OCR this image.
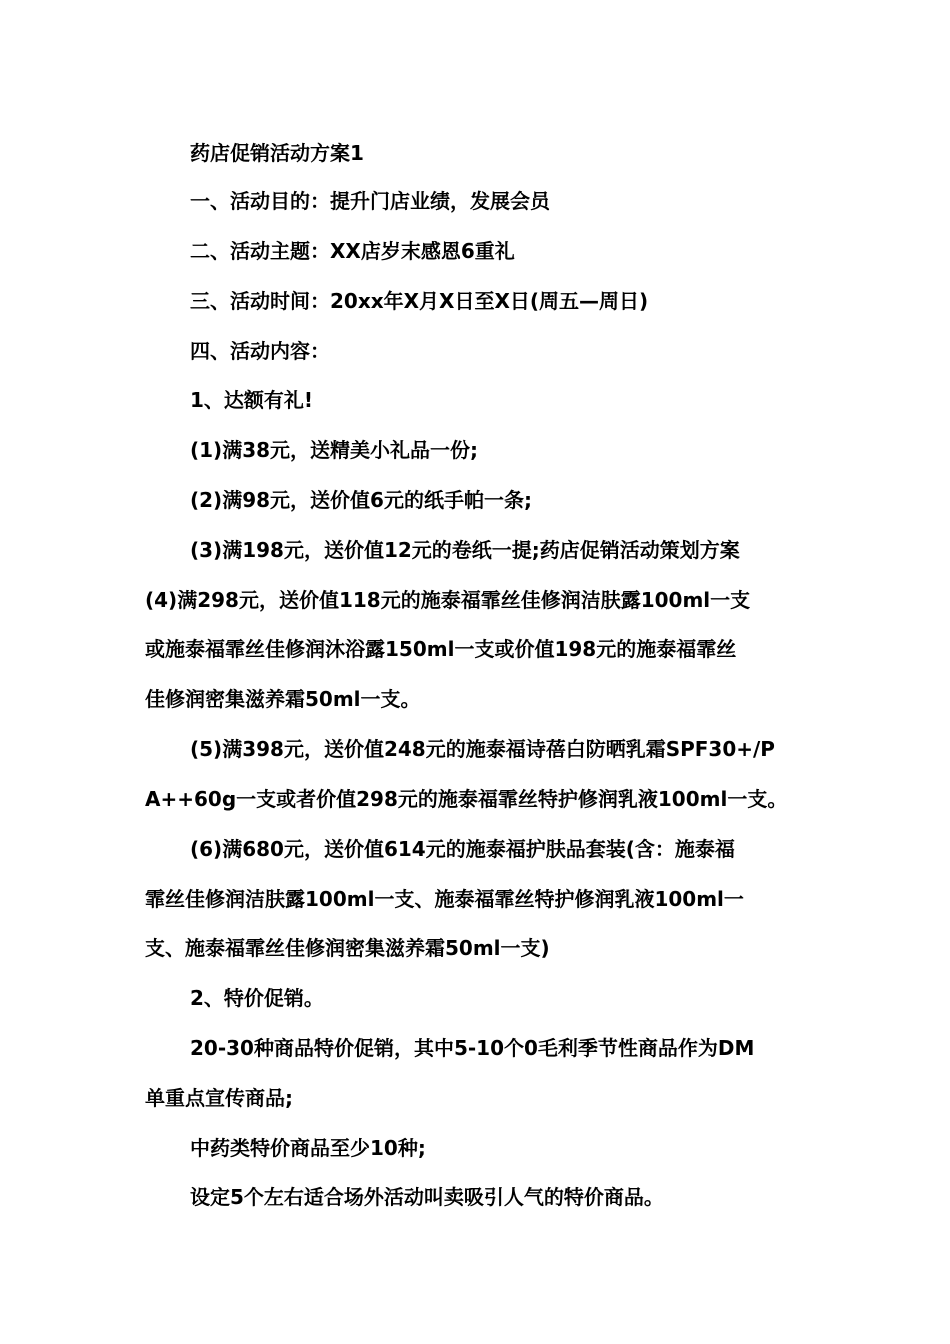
药店促销活动方案1
一、活动目的：提升门店业绩，发展会员
二、活动主题：XX店岁末感恩6重礼
三、活动时间：20xx年X月X日至X日(周五—周日)
四、活动内容：
1、达额有礼!
(1)满38元，送精美小礼品一份;
(2)满98元，送价值6元的纸手帕一条;
(3)满198元，送价值12元的卷纸一提;药店促销活动策划方案
(4)满298元，送价值118元的施泰福霏丝佳修润洁肤露100ml一支
或施泰福霏丝佳修润沐浴露150ml一支或价值198元的施泰福霏丝
佳修润密集滋养霜50ml一支。
(5)满398元，送价值248元的施泰福诗蓓白防晒乳霜SPF30+/P
A++60g一支或者价值298元的施泰福霏丝特护修润乳液100ml一支。
(6)满680元，送价值614元的施泰福护肤品套装(含：施泰福
霏丝佳修润洁肤露100ml一支、施泰福霏丝特护修润乳液100ml一
支、施泰福霏丝佳修润密集滋养霜50ml一支)
2、特价促销。
20-30种商品特价促销，其中5-10个0毛利季节性商品作为DM
单重点宣传商品;
中药类特价商品至少10种;
设定5个左右适合场外活动叫卖吸引人气的特价商品。
